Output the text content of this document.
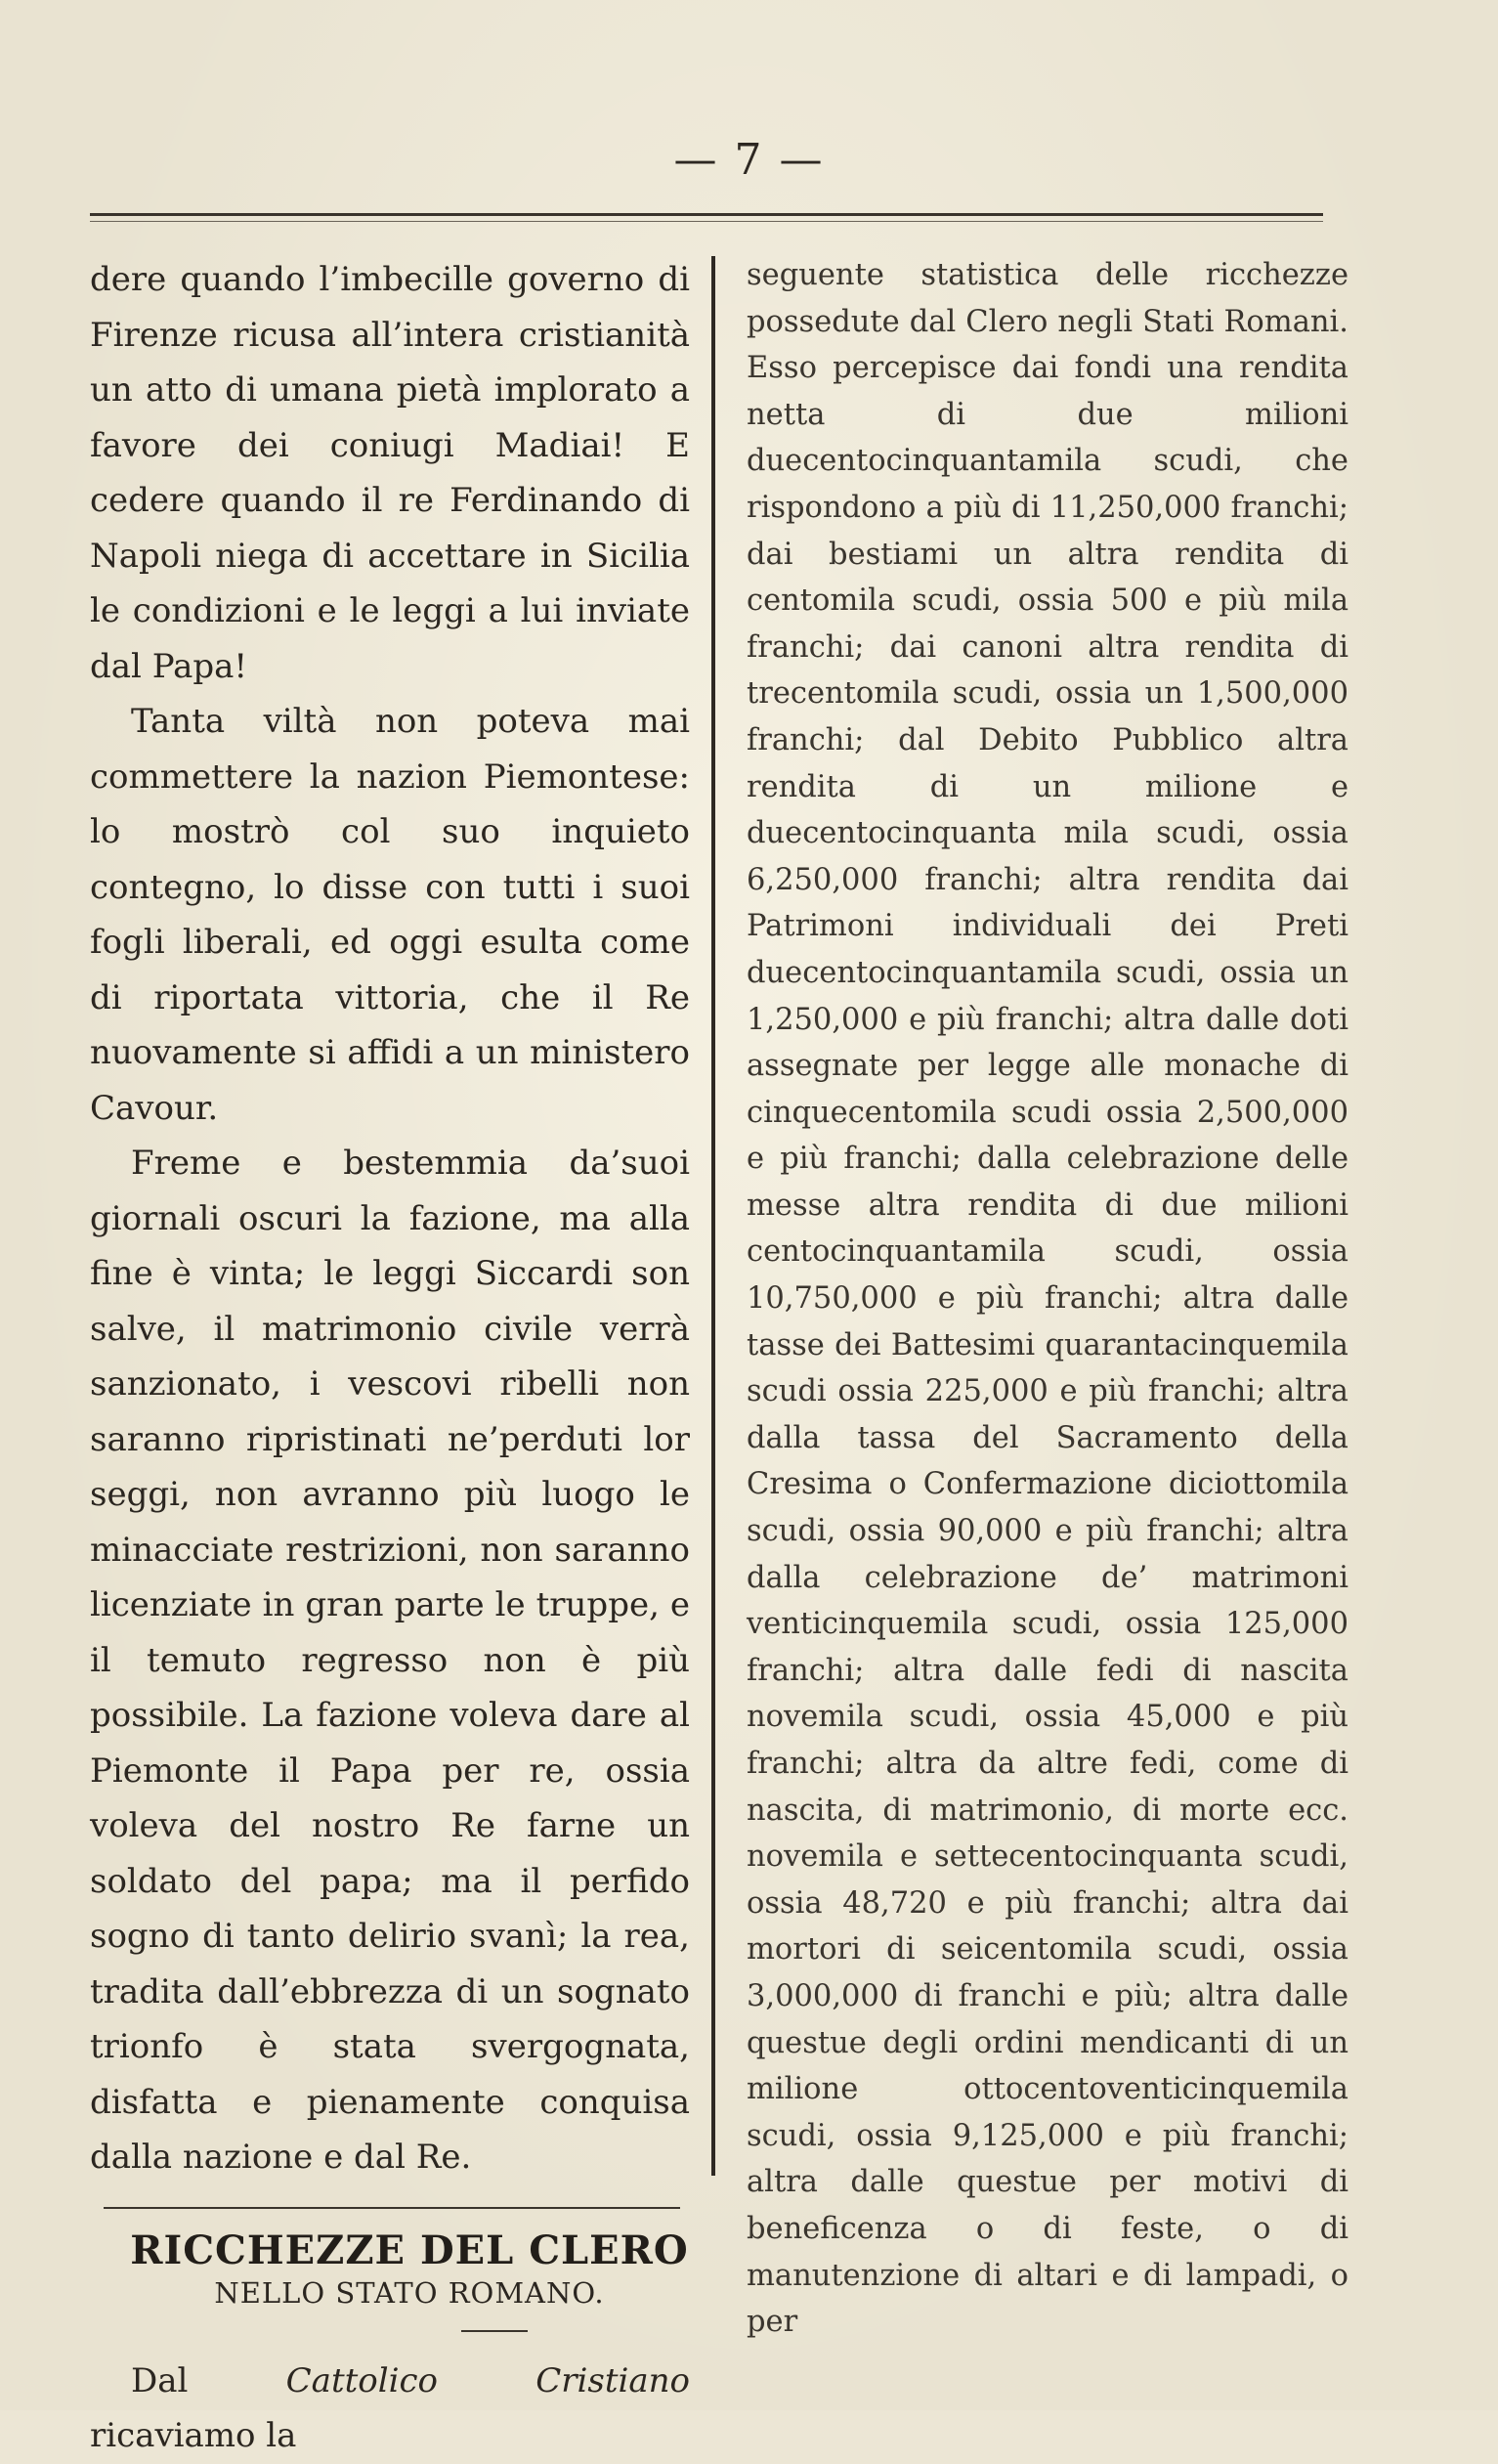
— 7 —

dere quando l’imbecille governo di Firenze ricusa all’intera cristianità un atto di umana pietà implorato a favore dei coniugi Madiai! E cedere quando il re Ferdinando di Napoli niega di accettare in Sicilia le condizioni e le leggi a lui inviate dal Papa!

Tanta viltà non poteva mai commettere la nazion Piemontese: lo mostrò col suo inquieto contegno, lo disse con tutti i suoi fogli liberali, ed oggi esulta come di riportata vittoria, che il Re nuovamente si affidi a un ministero Cavour.

Freme e bestemmia da’suoi giornali oscuri la fazione, ma alla fine è vinta; le leggi Siccardi son salve, il matrimonio civile verrà sanzionato, i vescovi ribelli non saranno ripristinati ne’perduti lor seggi, non avranno più luogo le minacciate restrizioni, non saranno licenziate in gran parte le truppe, e il temuto regresso non è più possibile. La fazione voleva dare al Piemonte il Papa per re, ossia voleva del nostro Re farne un soldato del papa; ma il perfido sogno di tanto delirio svanì; la rea, tradita dall’ebbrezza di un sognato trionfo è stata svergognata, disfatta e pienamente conquisa dalla nazione e dal Re.

RICCHEZZE DEL CLERO
NELLO STATO ROMANO.

Dal Cattolico Cristiano ricaviamo la

seguente statistica delle ricchezze possedute dal Clero negli Stati Romani. Esso percepisce dai fondi una rendita netta di due milioni duecentocinquantamila scudi, che rispondono a più di 11,250,000 franchi; dai bestiami un altra rendita di centomila scudi, ossia 500 e più mila franchi; dai canoni altra rendita di trecentomila scudi, ossia un 1,500,000 franchi; dal Debito Pubblico altra rendita di un milione e duecentocinquanta mila scudi, ossia 6,250,000 franchi; altra rendita dai Patrimoni individuali dei Preti duecentocinquantamila scudi, ossia un 1,250,000 e più franchi; altra dalle doti assegnate per legge alle monache di cinquecentomila scudi ossia 2,500,000 e più franchi; dalla celebrazione delle messe altra rendita di due milioni centocinquantamila scudi, ossia 10,750,000 e più franchi; altra dalle tasse dei Battesimi quarantacinquemila scudi ossia 225,000 e più franchi; altra dalla tassa del Sacramento della Cresima o Confermazione diciottomila scudi, ossia 90,000 e più franchi; altra dalla celebrazione de’ matrimoni venticinquemila scudi, ossia 125,000 franchi; altra dalle fedi di nascita novemila scudi, ossia 45,000 e più franchi; altra da altre fedi, come di nascita, di matrimonio, di morte ecc. novemila e settecentocinquanta scudi, ossia 48,720 e più franchi; altra dai mortori di seicentomila scudi, ossia 3,000,000 di franchi e più; altra dalle questue degli ordini mendicanti di un milione ottocentoventicinquemila scudi, ossia 9,125,000 e più franchi; altra dalle questue per motivi di beneficenza o di feste, o di manutenzione di altari e di lampadi, o per
